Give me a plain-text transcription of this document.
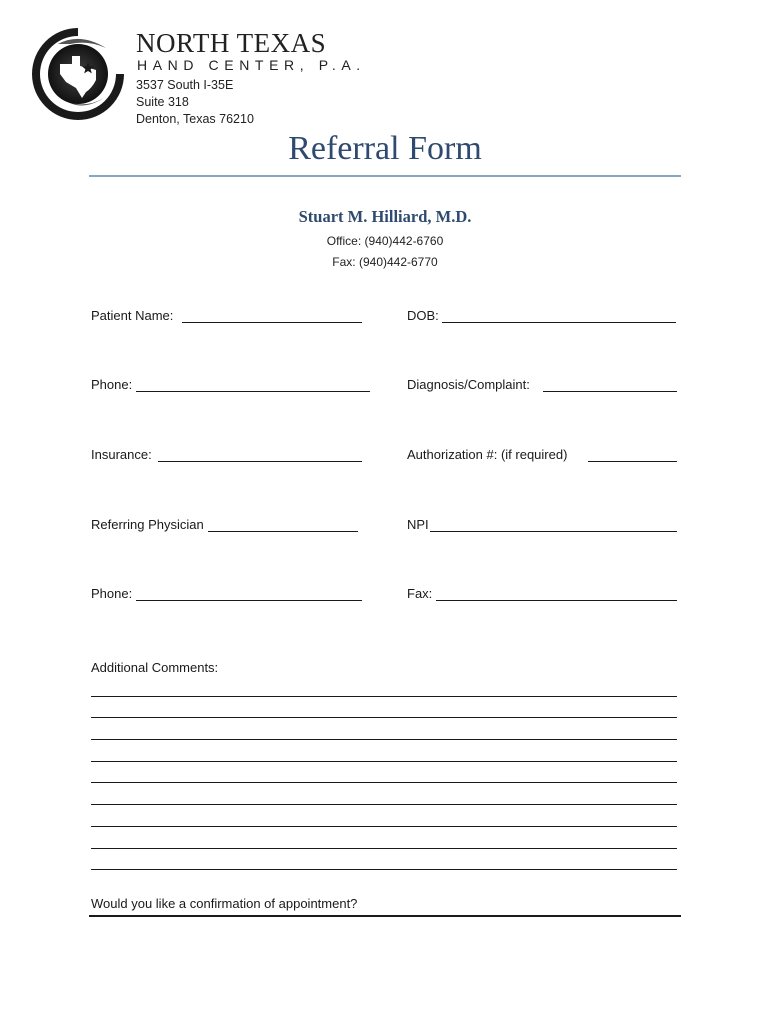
NORTH TEXAS
HAND CENTER, P.A.
3537 South I-35E
Suite 318
Denton, Texas 76210
Referral Form
Stuart M. Hilliard, M.D.
Office: (940)442-6760
Fax: (940)442-6770
Patient Name:	DOB:
Phone:	Diagnosis/Complaint:
Insurance:	Authorization #: (if required)
Referring Physician	NPI
Phone:	Fax:
Additional Comments:
Would you like a confirmation of appointment?
